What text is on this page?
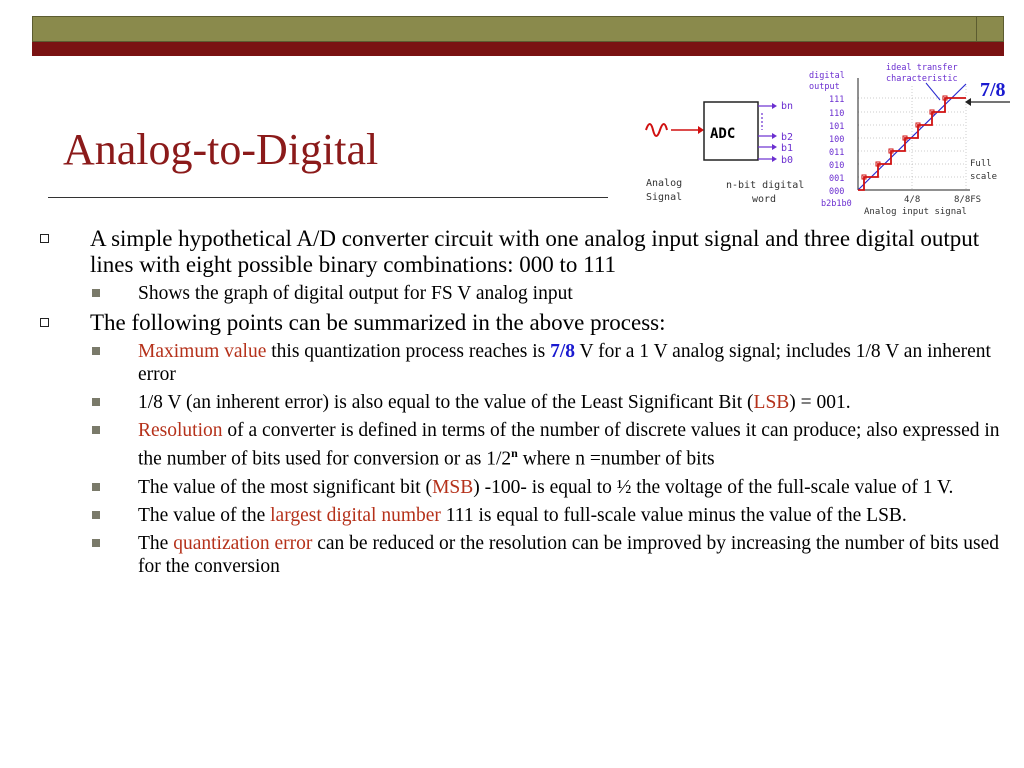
Analog-to-Digital	ADC
bn
b2
b1
b0
Analog
Signal
n-bit digital
word
digital
output
111
110
101
100
011
010
001
000
b2b1b0
ideal transfer
characteristic
4/8	8/8FS
Analog input signal
Full
scale
7/8
A simple hypothetical A/D converter circuit with one analog input signal and three digital output lines with eight possible binary combinations: 000 to 111
Shows the graph of digital output for FS V analog input
The following points can be summarized in the above process:
Maximum value this quantization process reaches is 7/8 V for a 1 V analog signal; includes 1/8 V an inherent error
1/8 V (an inherent error) is also equal to the value of the Least Significant Bit (LSB) = 001.
Resolution of a converter is defined in terms of the number of discrete values it can produce; also expressed in the number of bits used for conversion or as 1/2$^n$ where n =number of bits
The value of the most significant bit (MSB) -100- is equal to ½ the voltage of the full-scale value of 1 V.
The value of the largest digital number 111 is equal to full-scale value minus the value of the LSB.
The quantization error can be reduced or the resolution can be improved by increasing the number of bits used for the conversion
